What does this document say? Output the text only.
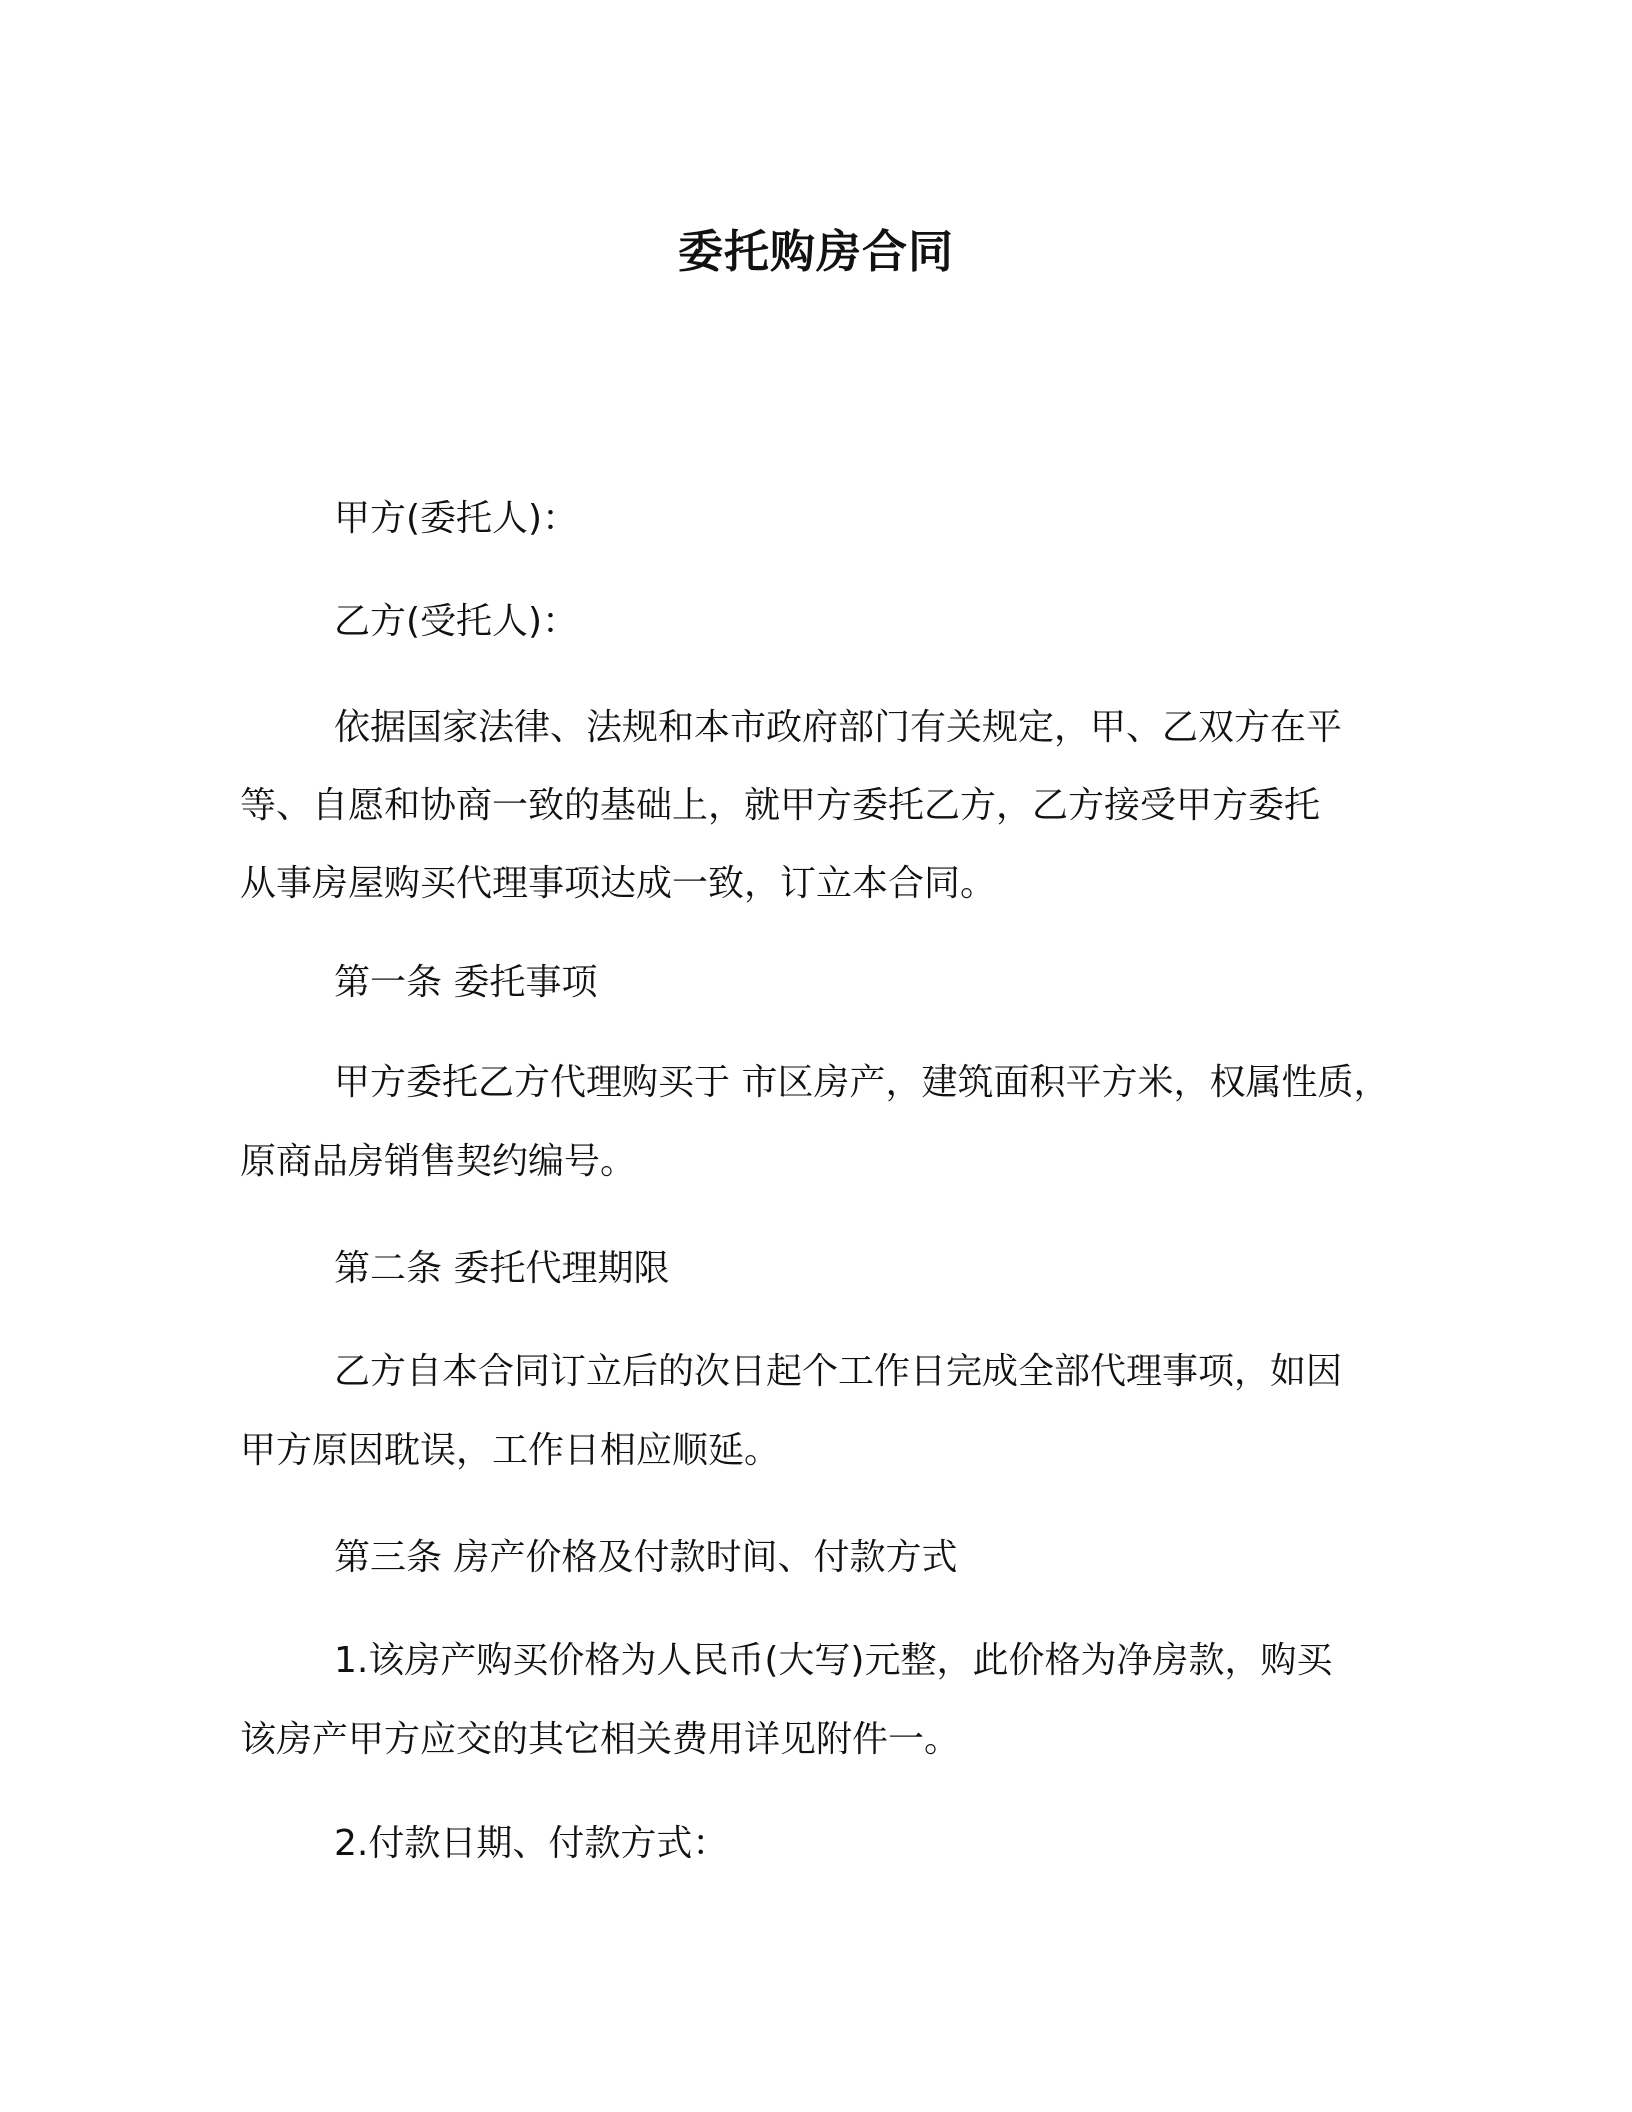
委托购房合同
甲方(委托人)：
乙方(受托人)：
依据国家法律、法规和本市政府部门有关规定，甲、乙双方在平
等、自愿和协商一致的基础上，就甲方委托乙方，乙方接受甲方委托
从事房屋购买代理事项达成一致，订立本合同。
第一条 委托事项
甲方委托乙方代理购买于 市区房产，建筑面积平方米，权属性质，
原商品房销售契约编号。
第二条 委托代理期限
乙方自本合同订立后的次日起个工作日完成全部代理事项，如因
甲方原因耽误，工作日相应顺延。
第三条 房产价格及付款时间、付款方式
1.该房产购买价格为人民币(大写)元整，此价格为净房款，购买
该房产甲方应交的其它相关费用详见附件一。
2.付款日期、付款方式：
